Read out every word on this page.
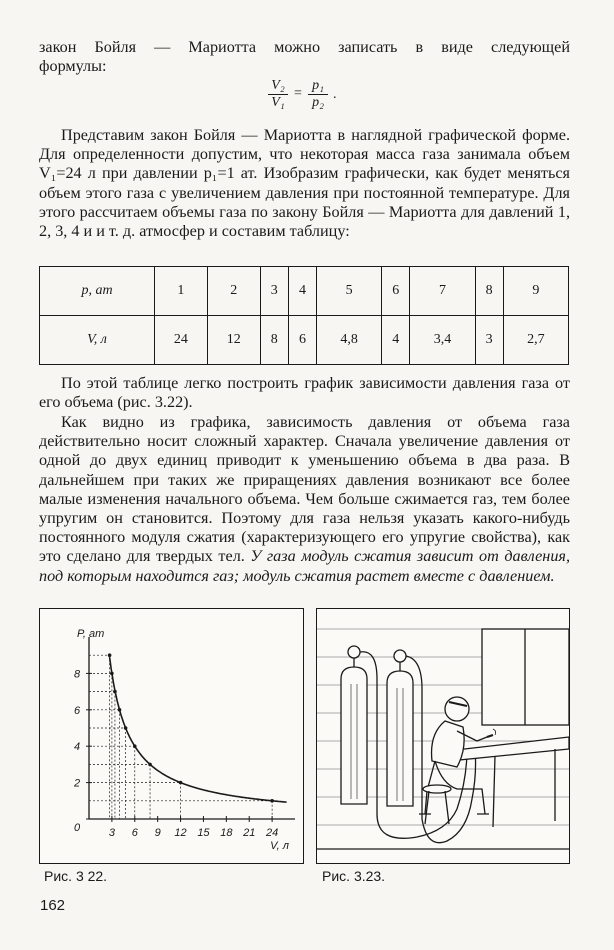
закон Бойля — Мариотта можно записать в виде следующей

формулы:

$\frac{\text{V₂}}{\text{V₁}} = \frac{\text{p₁}}{\text{p₂}}$ .

Представим закон Бойля — Мариотта в наглядной графической форме. Для определенности допустим, что некоторая масса газа занимала объем V₁=24 л при давлении p₁=1 ат. Изобразим графически, как будет меняться объем этого газа с увеличением давления при постоянной температуре. Для этого рассчитаем объемы газа по закону Бойля — Мариотта для давлений 1, 2, 3, 4 и и т. д. атмосфер и составим таблицу:

p, ат	1	2	3	4	5	6	7	8	9
V, л	24	12	8	6	4,8	4	3,4	3	2,7

По этой таблице легко построить график зависимости давления газа от его объема (рис. 3.22).

Как видно из графика, зависимость давления от объема газа действительно носит сложный характер. Сначала увеличение давления от одной до двух единиц приводит к уменьшению объема в два раза. В дальнейшем при таких же приращениях давления возникают все более малые изменения начального объема. Чем больше сжимается газ, тем более упругим он становится. Поэтому для газа нельзя указать какого-нибудь постоянного модуля сжатия (характеризующего его упругие свойства), как это сделано для твердых тел. У газа модуль сжатия зависит от давления, под которым находится газ; модуль сжатия растет вместе с давлением.

P, ат
V, л
3 6 9 12 15 18 21 24
0
2
4
6
8
Рис. 3 22.	Рис. 3.23.
162
